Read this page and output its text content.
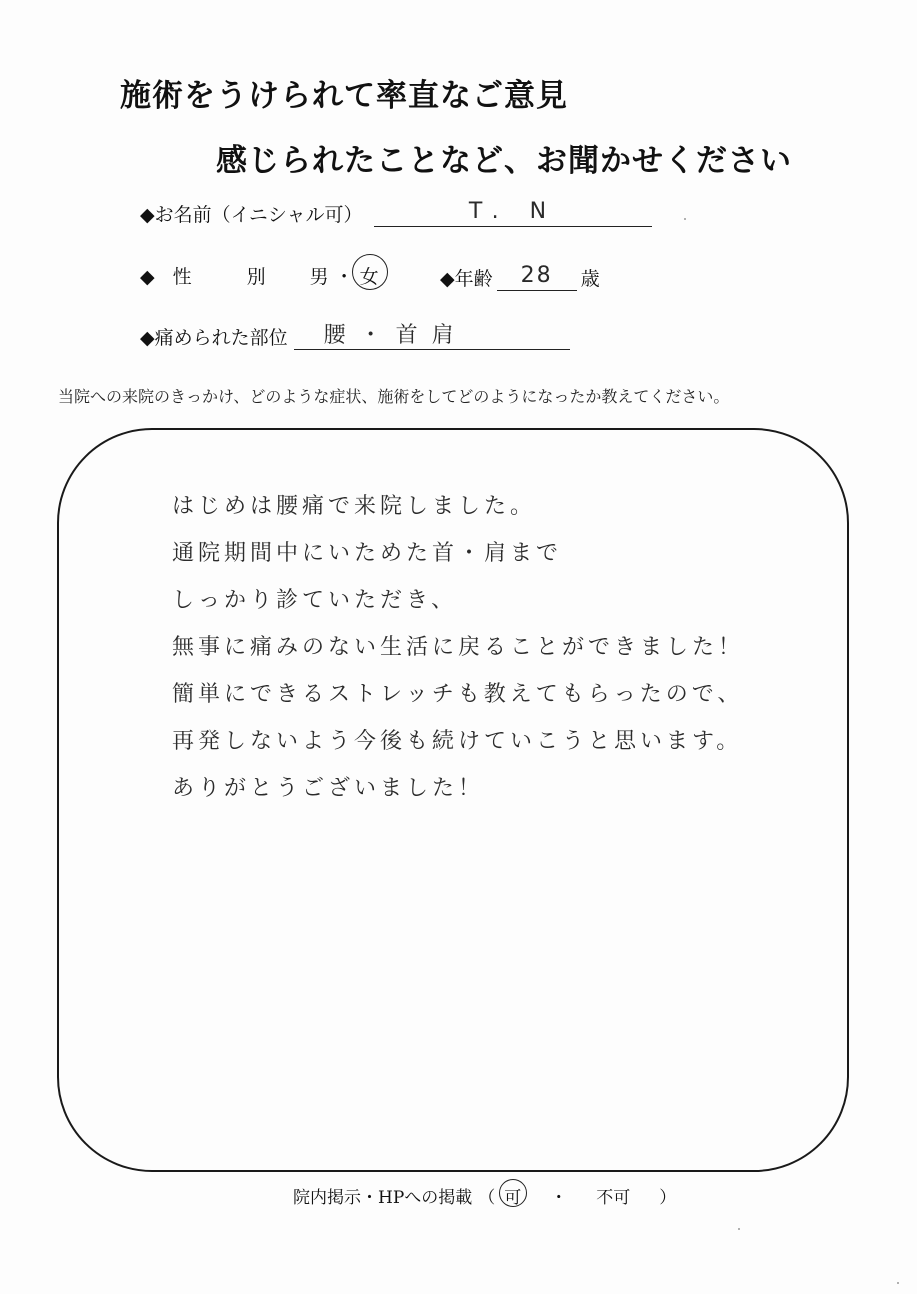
施術をうけられて率直なご意見
感じられたことなど、お聞かせください
◆お名前（イニシャル可）	T. N
◆性　別 男 ・ 女	◆年齢	28	歳
◆痛められた部位	腰・首肩
当院への来院のきっかけ、どのような症状、施術をしてどのようになったか教えてください。
はじめは腰痛で来院しました。
通院期間中にいためた首・肩まで
しっかり診ていただき、
無事に痛みのない生活に戻ることができました！
簡単にできるストレッチも教えてもらったので、
再発しないよう今後も続けていこうと思います。
ありがとうございました！
院内掲示・HPへの掲載 （ 可 ・ 不可 ）
